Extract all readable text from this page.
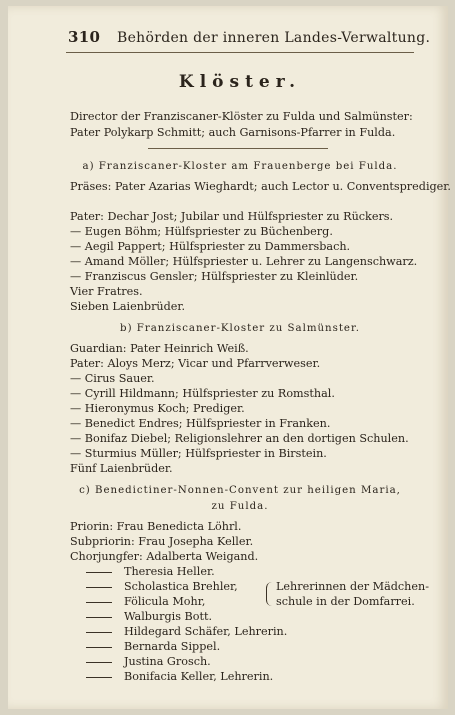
310 Behörden der inneren Landes-Verwaltung.
Klöster.
Director der Franziscaner-Klöster zu Fulda und Salmünster:
Pater Polykarp Schmitt; auch Garnisons-Pfarrer in Fulda.
a) Franziscaner-Kloster am Frauenberge bei Fulda.
Präses: Pater Azarias Wieghardt; auch Lector u. Conventsprediger.
Pater: Dechar Jost; Jubilar und Hülfspriester zu Rückers.
— Eugen Böhm; Hülfspriester zu Büchenberg.
— Aegil Pappert; Hülfspriester zu Dammersbach.
— Amand Möller; Hülfspriester u. Lehrer zu Langenschwarz.
— Franziscus Gensler; Hülfspriester zu Kleinlüder.
Vier Fratres.
Sieben Laienbrüder.
b) Franziscaner-Kloster zu Salmünster.
Guardian: Pater Heinrich Weiß.
Pater: Aloys Merz; Vicar und Pfarrverweser.
— Cirus Sauer.
— Cyrill Hildmann; Hülfspriester zu Romsthal.
— Hieronymus Koch; Prediger.
— Benedict Endres; Hülfspriester in Franken.
— Bonifaz Diebel; Religionslehrer an den dortigen Schulen.
— Sturmius Müller; Hülfspriester in Birstein.
Fünf Laienbrüder.
c) Benedictiner-Nonnen-Convent zur heiligen Maria,
zu Fulda.
Priorin: Frau Benedicta Löhrl.
Subpriorin: Frau Josepha Keller.
Chorjungfer: Adalberta Weigand.
Theresia Heller.
Scholastica Brehler,
Fölicula Mohr,
Walburgis Bott.
Hildegard Schäfer, Lehrerin.
Bernarda Sippel.
Justina Grosch.
Bonifacia Keller, Lehrerin.
Lehrerinnen der Mädchen-
schule in der Domfarrei.
